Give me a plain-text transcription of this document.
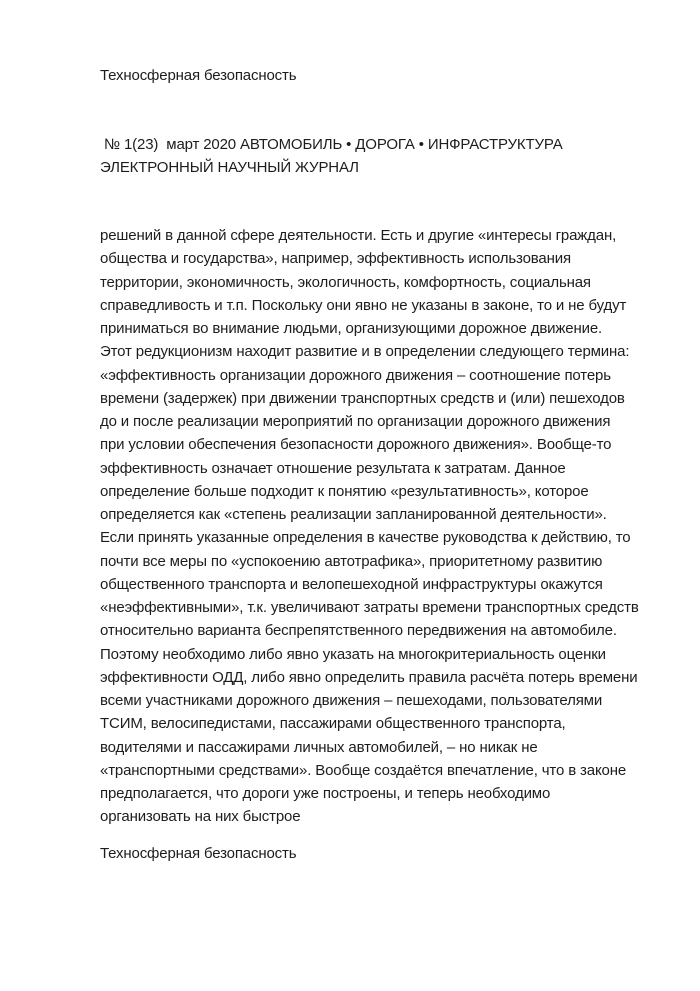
Техносферная безопасность
№ 1(23)  март 2020 АВТОМОБИЛЬ • ДОРОГА • ИНФРАСТРУКТУРА
ЭЛЕКТРОННЫЙ НАУЧНЫЙ ЖУРНАЛ
решений в данной сфере деятельности. Есть и другие «интересы граждан,
общества и государства», например, эффективность использования
территории, экономичность, экологичность, комфортность, социальная
справедливость и т.п. Поскольку они явно не указаны в законе, то и не будут
приниматься во внимание людьми, организующими дорожное движение.
Этот редукционизм находит развитие и в определении следующего термина:
«эффективность организации дорожного движения – соотношение потерь
времени (задержек) при движении транспортных средств и (или) пешеходов
до и после реализации мероприятий по организации дорожного движения
при условии обеспечения безопасности дорожного движения». Вообще-то
эффективность означает отношение результата к затратам. Данное
определение больше подходит к понятию «результативность», которое
определяется как «степень реализации запланированной деятельности».
Если принять указанные определения в качестве руководства к действию, то
почти все меры по «успокоению автотрафика», приоритетному развитию
общественного транспорта и велопешеходной инфраструктуры окажутся
«неэффективными», т.к. увеличивают затраты времени транспортных средств
относительно варианта беспрепятственного передвижения на автомобиле.
Поэтому необходимо либо явно указать на многокритериальность оценки
эффективности ОДД, либо явно определить правила расчёта потерь времени
всеми участниками дорожного движения – пешеходами, пользователями
ТСИМ, велосипедистами, пассажирами общественного транспорта,
водителями и пассажирами личных автомобилей, – но никак не
«транспортными средствами». Вообще создаётся впечатление, что в законе
предполагается, что дороги уже построены, и теперь необходимо
организовать на них быстрое
Техносферная безопасность
